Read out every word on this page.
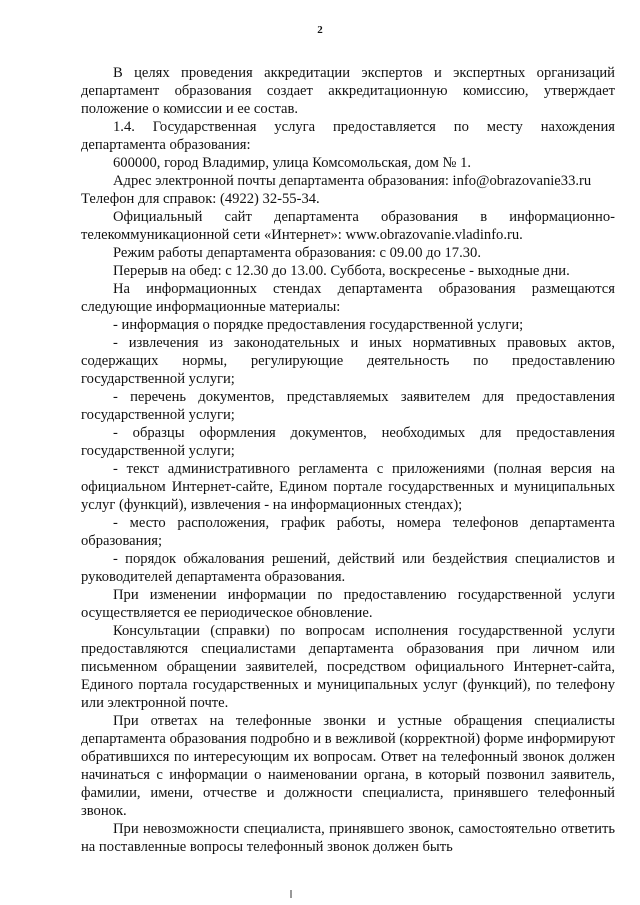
2

В целях проведения аккредитации экспертов и экспертных организаций департамент образования создает аккредитационную комиссию, утверждает положение о комиссии и ее состав.

1.4. Государственная услуга предоставляется по месту нахождения департамента образования:

600000, город Владимир, улица Комсомольская, дом № 1.

Адрес электронной почты департамента образования: info@obrazovanie33.ru

Телефон для справок: (4922) 32-55-34.

Официальный сайт департамента образования в информационно-телекоммуникационной сети «Интернет»: www.obrazovanie.vladinfo.ru.

Режим работы департамента образования: с 09.00 до 17.30.

Перерыв на обед: с 12.30 до 13.00. Суббота, воскресенье - выходные дни.

На информационных стендах департамента образования размещаются следующие информационные материалы:

- информация о порядке предоставления государственной услуги;

- извлечения из законодательных и иных нормативных правовых актов, содержащих нормы, регулирующие деятельность по предоставлению государственной услуги;

- перечень документов, представляемых заявителем для предоставления государственной услуги;

- образцы оформления документов, необходимых для предоставления государственной услуги;

- текст административного регламента с приложениями (полная версия на официальном Интернет-сайте, Едином портале государственных и муниципальных услуг (функций), извлечения - на информационных стендах);

- место расположения, график работы, номера телефонов департамента образования;

- порядок обжалования решений, действий или бездействия специалистов и руководителей департамента образования.

При изменении информации по предоставлению государственной услуги осуществляется ее периодическое обновление.

Консультации (справки) по вопросам исполнения государственной услуги предоставляются специалистами департамента образования при личном или письменном обращении заявителей, посредством официального Интернет-сайта, Единого портала государственных и муниципальных услуг (функций), по телефону или электронной почте.

При ответах на телефонные звонки и устные обращения специалисты департамента образования подробно и в вежливой (корректной) форме информируют обратившихся по интересующим их вопросам. Ответ на телефонный звонок должен начинаться с информации о наименовании органа, в который позвонил заявитель, фамилии, имени, отчестве и должности специалиста, принявшего телефонный звонок.

При невозможности специалиста, принявшего звонок, самостоятельно ответить на поставленные вопросы телефонный звонок должен быть
